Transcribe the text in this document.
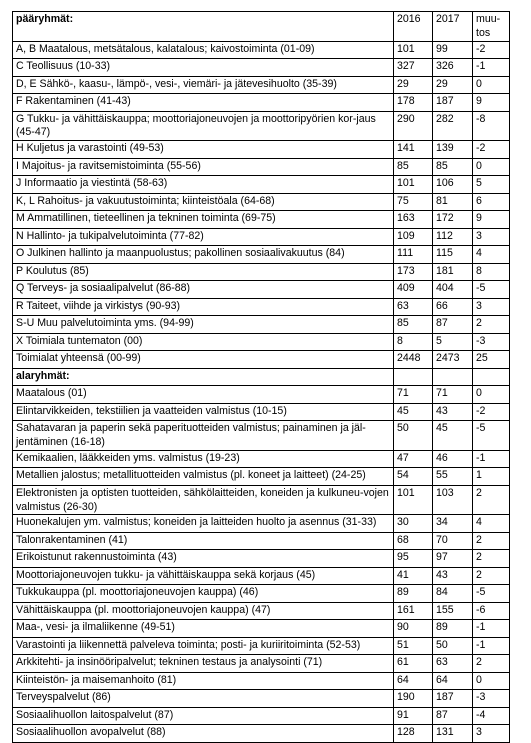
pääryhmät:	2016	2017	muu-tos
A, B Maatalous, metsätalous, kalatalous; kaivostoiminta (01-09)	101	99	-2
C Teollisuus (10-33)	327	326	-1
D, E Sähkö-, kaasu-, lämpö-, vesi-, viemäri- ja jätevesihuolto (35-39)	29	29	0
F Rakentaminen (41-43)	178	187	9
G Tukku- ja vähittäiskauppa; moottoriajoneuvojen ja moottoripyörien kor-jaus (45-47)	290	282	-8
H Kuljetus ja varastointi (49-53)	141	139	-2
I Majoitus- ja ravitsemistoiminta (55-56)	85	85	0
J Informaatio ja viestintä (58-63)	101	106	5
K, L Rahoitus- ja vakuutustoiminta; kiinteistöala (64-68)	75	81	6
M Ammatillinen, tieteellinen ja tekninen toiminta (69-75)	163	172	9
N Hallinto- ja tukipalvelutoiminta (77-82)	109	112	3
O Julkinen hallinto ja maanpuolustus; pakollinen sosiaalivakuutus (84)	111	115	4
P Koulutus (85)	173	181	8
Q Terveys- ja sosiaalipalvelut (86-88)	409	404	-5
R Taiteet, viihde ja virkistys (90-93)	63	66	3
S-U Muu palvelutoiminta yms. (94-99)	85	87	2
X Toimiala tuntematon (00)	8	5	-3
Toimialat yhteensä (00-99)	2448	2473	25
alaryhmät:			
Maatalous (01)	71	71	0
Elintarvikkeiden, tekstiilien ja vaatteiden valmistus (10-15)	45	43	-2
Sahatavaran ja paperin sekä paperituotteiden valmistus; painaminen ja jäl-jentäminen (16-18)	50	45	-5
Kemikaalien, lääkkeiden yms. valmistus (19-23)	47	46	-1
Metallien jalostus; metallituotteiden valmistus (pl. koneet ja laitteet) (24-25)	54	55	1
Elektronisten ja optisten tuotteiden, sähkölaitteiden, koneiden ja kulkuneu-vojen valmistus (26-30)	101	103	2
Huonekalujen ym. valmistus; koneiden ja laitteiden huolto ja asennus (31-33)	30	34	4
Talonrakentaminen (41)	68	70	2
Erikoistunut rakennustoiminta (43)	95	97	2
Moottoriajoneuvojen tukku- ja vähittäiskauppa sekä korjaus (45)	41	43	2
Tukkukauppa (pl. moottoriajoneuvojen kauppa) (46)	89	84	-5
Vähittäiskauppa (pl. moottoriajoneuvojen kauppa) (47)	161	155	-6
Maa-, vesi- ja ilmaliikenne (49-51)	90	89	-1
Varastointi ja liikennettä palveleva toiminta; posti- ja kuriiritoiminta (52-53)	51	50	-1
Arkkitehti- ja insinööripalvelut; tekninen testaus ja analysointi (71)	61	63	2
Kiinteistön- ja maisemanhoito (81)	64	64	0
Terveyspalvelut (86)	190	187	-3
Sosiaalihuollon laitospalvelut (87)	91	87	-4
Sosiaalihuollon avopalvelut (88)	128	131	3
